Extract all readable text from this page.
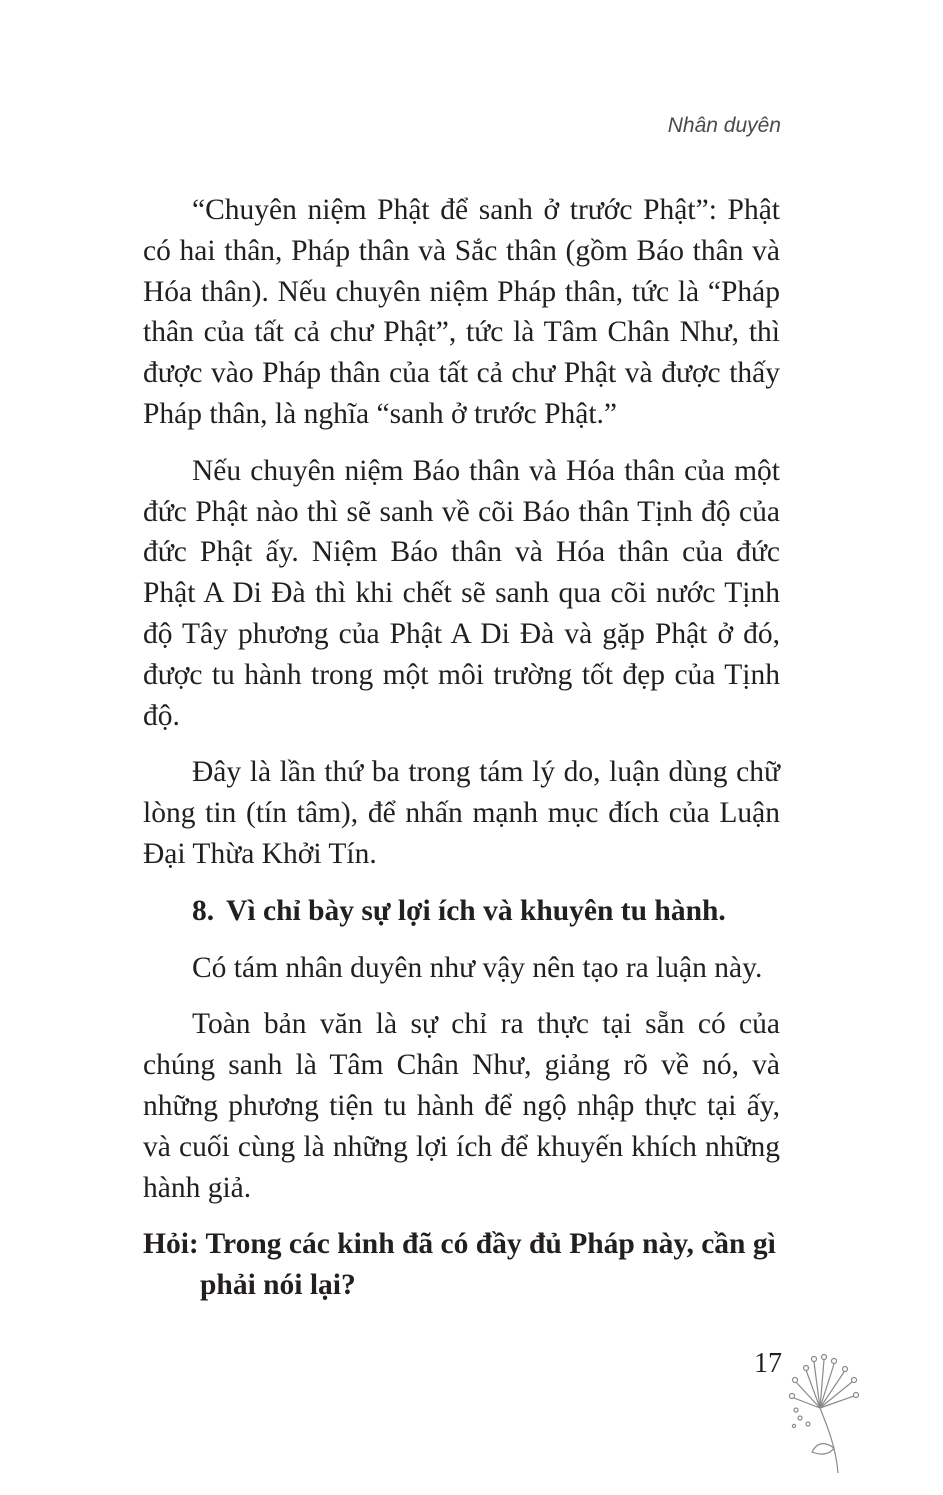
Nhân duyên

“Chuyên niệm Phật để sanh ở trước Phật”: Phật có hai thân, Pháp thân và Sắc thân (gồm Báo thân và Hóa thân). Nếu chuyên niệm Pháp thân, tức là “Pháp thân của tất cả chư Phật”, tức là Tâm Chân Như, thì được vào Pháp thân của tất cả chư Phật và được thấy Pháp thân, là nghĩa “sanh ở trước Phật.”

Nếu chuyên niệm Báo thân và Hóa thân của một đức Phật nào thì sẽ sanh về cõi Báo thân Tịnh độ của đức Phật ấy. Niệm Báo thân và Hóa thân của đức Phật A Di Đà thì khi chết sẽ sanh qua cõi nước Tịnh độ Tây phương của Phật A Di Đà và gặp Phật ở đó, được tu hành trong một môi trường tốt đẹp của Tịnh độ.

Đây là lần thứ ba trong tám lý do, luận dùng chữ lòng tin (tín tâm), để nhấn mạnh mục đích của Luận Đại Thừa Khởi Tín.

8. Vì chỉ bày sự lợi ích và khuyên tu hành.

Có tám nhân duyên như vậy nên tạo ra luận này.

Toàn bản văn là sự chỉ ra thực tại sẵn có của chúng sanh là Tâm Chân Như, giảng rõ về nó, và những phương tiện tu hành để ngộ nhập thực tại ấy, và cuối cùng là những lợi ích để khuyến khích những hành giả.

Hỏi: Trong các kinh đã có đầy đủ Pháp này, cần gì phải nói lại?

17
